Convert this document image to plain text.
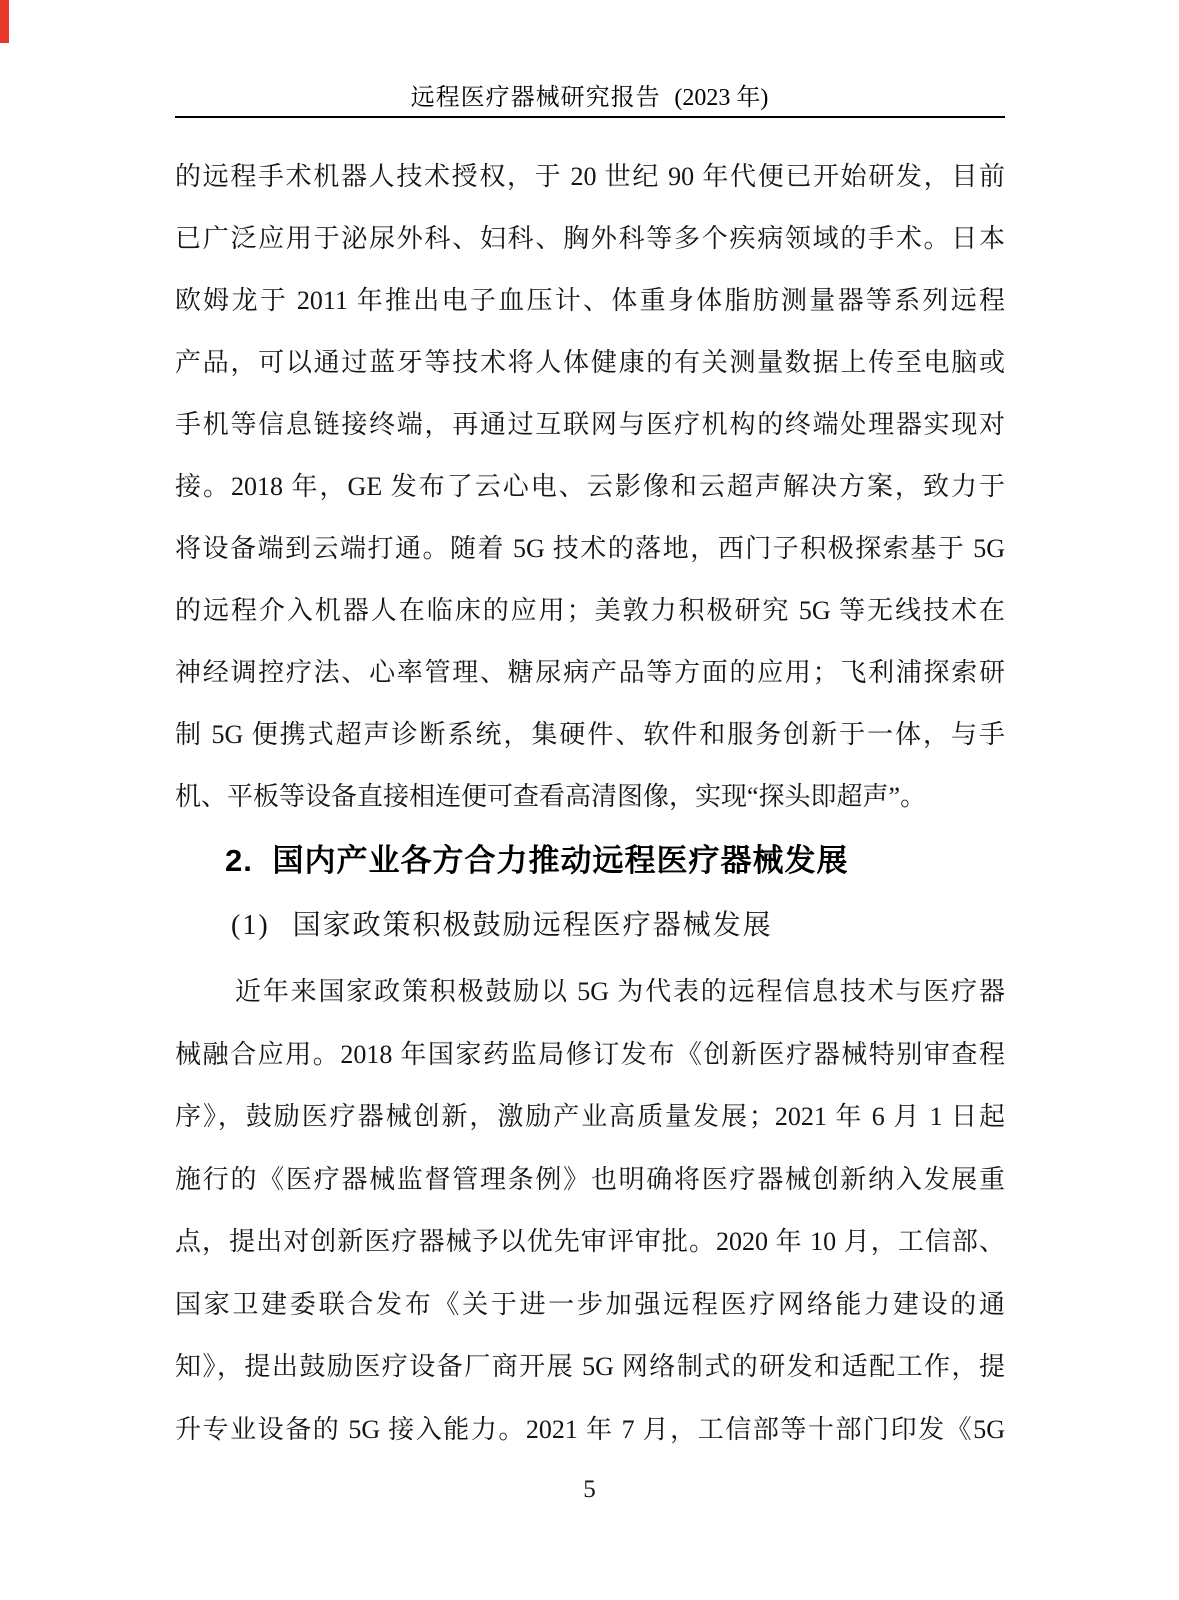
远程医疗器械研究报告 (2023 年)
的远程手术机器人技术授权，于 20 世纪 90 年代便已开始研发，目前
已广泛应用于泌尿外科、妇科、胸外科等多个疾病领域的手术。日本
欧姆龙于 2011 年推出电子血压计、体重身体脂肪测量器等系列远程
产品，可以通过蓝牙等技术将人体健康的有关测量数据上传至电脑或
手机等信息链接终端，再通过互联网与医疗机构的终端处理器实现对
接。2018 年，GE 发布了云心电、云影像和云超声解决方案，致力于
将设备端到云端打通。随着 5G 技术的落地，西门子积极探索基于 5G
的远程介入机器人在临床的应用；美敦力积极研究 5G 等无线技术在
神经调控疗法、心率管理、糖尿病产品等方面的应用；飞利浦探索研
制 5G 便携式超声诊断系统，集硬件、软件和服务创新于一体，与手
机、平板等设备直接相连便可查看高清图像，实现“探头即超声”。
2. 国内产业各方合力推动远程医疗器械发展
(1) 国家政策积极鼓励远程医疗器械发展
近年来国家政策积极鼓励以 5G 为代表的远程信息技术与医疗器
械融合应用。2018 年国家药监局修订发布《创新医疗器械特别审查程
序》，鼓励医疗器械创新，激励产业高质量发展；2021 年 6 月 1 日起
施行的《医疗器械监督管理条例》也明确将医疗器械创新纳入发展重
点，提出对创新医疗器械予以优先审评审批。2020 年 10 月，工信部、
国家卫建委联合发布《关于进一步加强远程医疗网络能力建设的通
知》，提出鼓励医疗设备厂商开展 5G 网络制式的研发和适配工作，提
升专业设备的 5G 接入能力。2021 年 7 月，工信部等十部门印发《5G
5
